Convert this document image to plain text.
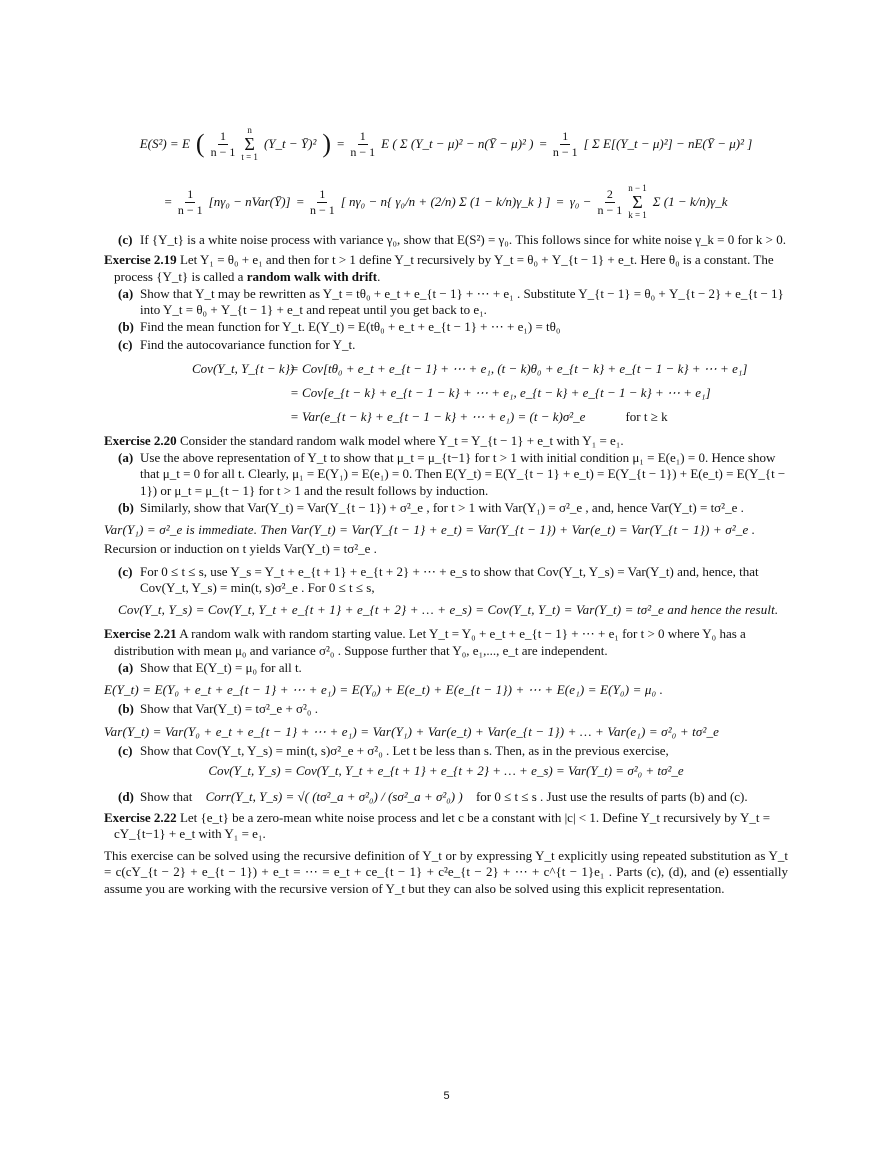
E(S²) = E ( $\frac{1}{n - 1}$ n
Σ
t = 1
(Y_t − Ȳ)² ) = $\frac{1}{n - 1}$ E ( Σ (Y_t − μ)² − n(Ȳ − μ)² ) = $\frac{1}{n - 1}$ [ Σ E[(Y_t − μ)²] − nE(Ȳ − μ)² ]
= $\frac{1}{n - 1} [n\gamma_0$ − nVar(Ȳ)] = $\frac{1}{n - 1}$ [ nγ₀ − n{ γ₀/n + (2/n) Σ (1 − k/n)γ_k } ] = $\gamma_0 - \frac{2}{n - 1}$ n − 1
Σ
k = 1
Σ (1 − k/n)γ_k
(c) If {Y_t} is a white noise process with variance γ₀, show that E(S²) = γ₀. This follows since for white noise γ_k = 0 for k > 0.
Exercise 2.19 Let Y₁ = θ₀ + e₁ and then for t > 1 define Y_t recursively by Y_t = θ₀ + Y_{t − 1} + e_t. Here θ₀ is a constant. The process {Y_t} is called a random walk with drift.
(a) Show that Y_t may be rewritten as Y_t = tθ₀ + e_t + e_{t − 1} + ⋯ + e₁ . Substitute Y_{t − 1} = θ₀ + Y_{t − 2} + e_{t − 1} into Y_t = θ₀ + Y_{t − 1} + e_t and repeat until you get back to e₁.
(b) Find the mean function for Y_t. E(Y_t) = E(tθ₀ + e_t + e_{t − 1} + ⋯ + e₁) = tθ₀
(c) Find the autocovariance function for Y_t.
Cov(Y_t, Y_{t − k})
= Cov[tθ₀ + e_t + e_{t − 1} + ⋯ + e₁, (t − k)θ₀ + e_{t − k} + e_{t − 1 − k} + ⋯ + e₁]
= Cov[e_{t − k} + e_{t − 1 − k} + ⋯ + e₁, e_{t − k} + e_{t − 1 − k} + ⋯ + e₁]
= Var(e_{t − k} + e_{t − 1 − k} + ⋯ + e₁) = (t − k)σ²_e	for t ≥ k
Exercise 2.20 Consider the standard random walk model where Y_t = Y_{t − 1} + e_t with Y₁ = e₁.
(a) Use the above representation of Y_t to show that μ_t = μ_{t−1} for t > 1 with initial condition μ₁ = E(e₁) = 0. Hence show that μ_t = 0 for all t. Clearly, μ₁ = E(Y₁) = E(e₁) = 0. Then E(Y_t) = E(Y_{t − 1} + e_t) = E(Y_{t − 1}) + E(e_t) = E(Y_{t − 1}) or μ_t = μ_{t − 1} for t > 1 and the result follows by induction.
(b) Similarly, show that Var(Y_t) = Var(Y_{t − 1}) + σ²_e , for t > 1 with Var(Y₁) = σ²_e , and, hence Var(Y_t) = tσ²_e .
Var(Y₁) = σ²_e is immediate. Then Var(Y_t) = Var(Y_{t − 1} + e_t) = Var(Y_{t − 1}) + Var(e_t) = Var(Y_{t − 1}) + σ²_e .
Recursion or induction on t yields Var(Y_t) = tσ²_e .
(c) For 0 ≤ t ≤ s, use Y_s = Y_t + e_{t + 1} + e_{t + 2} + ⋯ + e_s to show that Cov(Y_t, Y_s) = Var(Y_t) and, hence, that Cov(Y_t, Y_s) = min(t, s)σ²_e . For 0 ≤ t ≤ s,
Cov(Y_t, Y_s) = Cov(Y_t, Y_t + e_{t + 1} + e_{t + 2} + … + e_s) = Cov(Y_t, Y_t) = Var(Y_t) = tσ²_e and hence the result.
Exercise 2.21 A random walk with random starting value. Let Y_t = Y₀ + e_t + e_{t − 1} + ⋯ + e₁ for t > 0 where Y₀ has a distribution with mean μ₀ and variance σ²₀ . Suppose further that Y₀, e₁,..., e_t are independent.
(a) Show that E(Y_t) = μ₀ for all t.
E(Y_t) = E(Y₀ + e_t + e_{t − 1} + ⋯ + e₁) = E(Y₀) + E(e_t) + E(e_{t − 1}) + ⋯ + E(e₁) = E(Y₀) = μ₀ .
(b) Show that Var(Y_t) = tσ²_e + σ²₀ .
Var(Y_t) = Var(Y₀ + e_t + e_{t − 1} + ⋯ + e₁) = Var(Y₁) + Var(e_t) + Var(e_{t − 1}) + … + Var(e₁) = σ²₀ + tσ²_e
(c) Show that Cov(Y_t, Y_s) = min(t, s)σ²_e + σ²₀ . Let t be less than s. Then, as in the previous exercise,
Cov(Y_t, Y_s) = Cov(Y_t, Y_t + e_{t + 1} + e_{t + 2} + … + e_s) = Var(Y_t) = σ²₀ + tσ²_e
(d) Show that Corr(Y_t, Y_s) = √( (tσ²_a + σ²₀) / (sσ²_a + σ²₀) ) for 0 ≤ t ≤ s . Just use the results of parts (b) and (c).
Exercise 2.22 Let {e_t} be a zero-mean white noise process and let c be a constant with |c| < 1. Define Y_t recursively by Y_t = cY_{t−1} + e_t with Y₁ = e₁.
This exercise can be solved using the recursive definition of Y_t or by expressing Y_t explicitly using repeated substitution as Y_t = c(cY_{t − 2} + e_{t − 1}) + e_t = ⋯ = e_t + ce_{t − 1} + c²e_{t − 2} + ⋯ + c^{t − 1}e₁ . Parts (c), (d), and (e) essentially assume you are working with the recursive version of Y_t but they can also be solved using this explicit representation.
5
